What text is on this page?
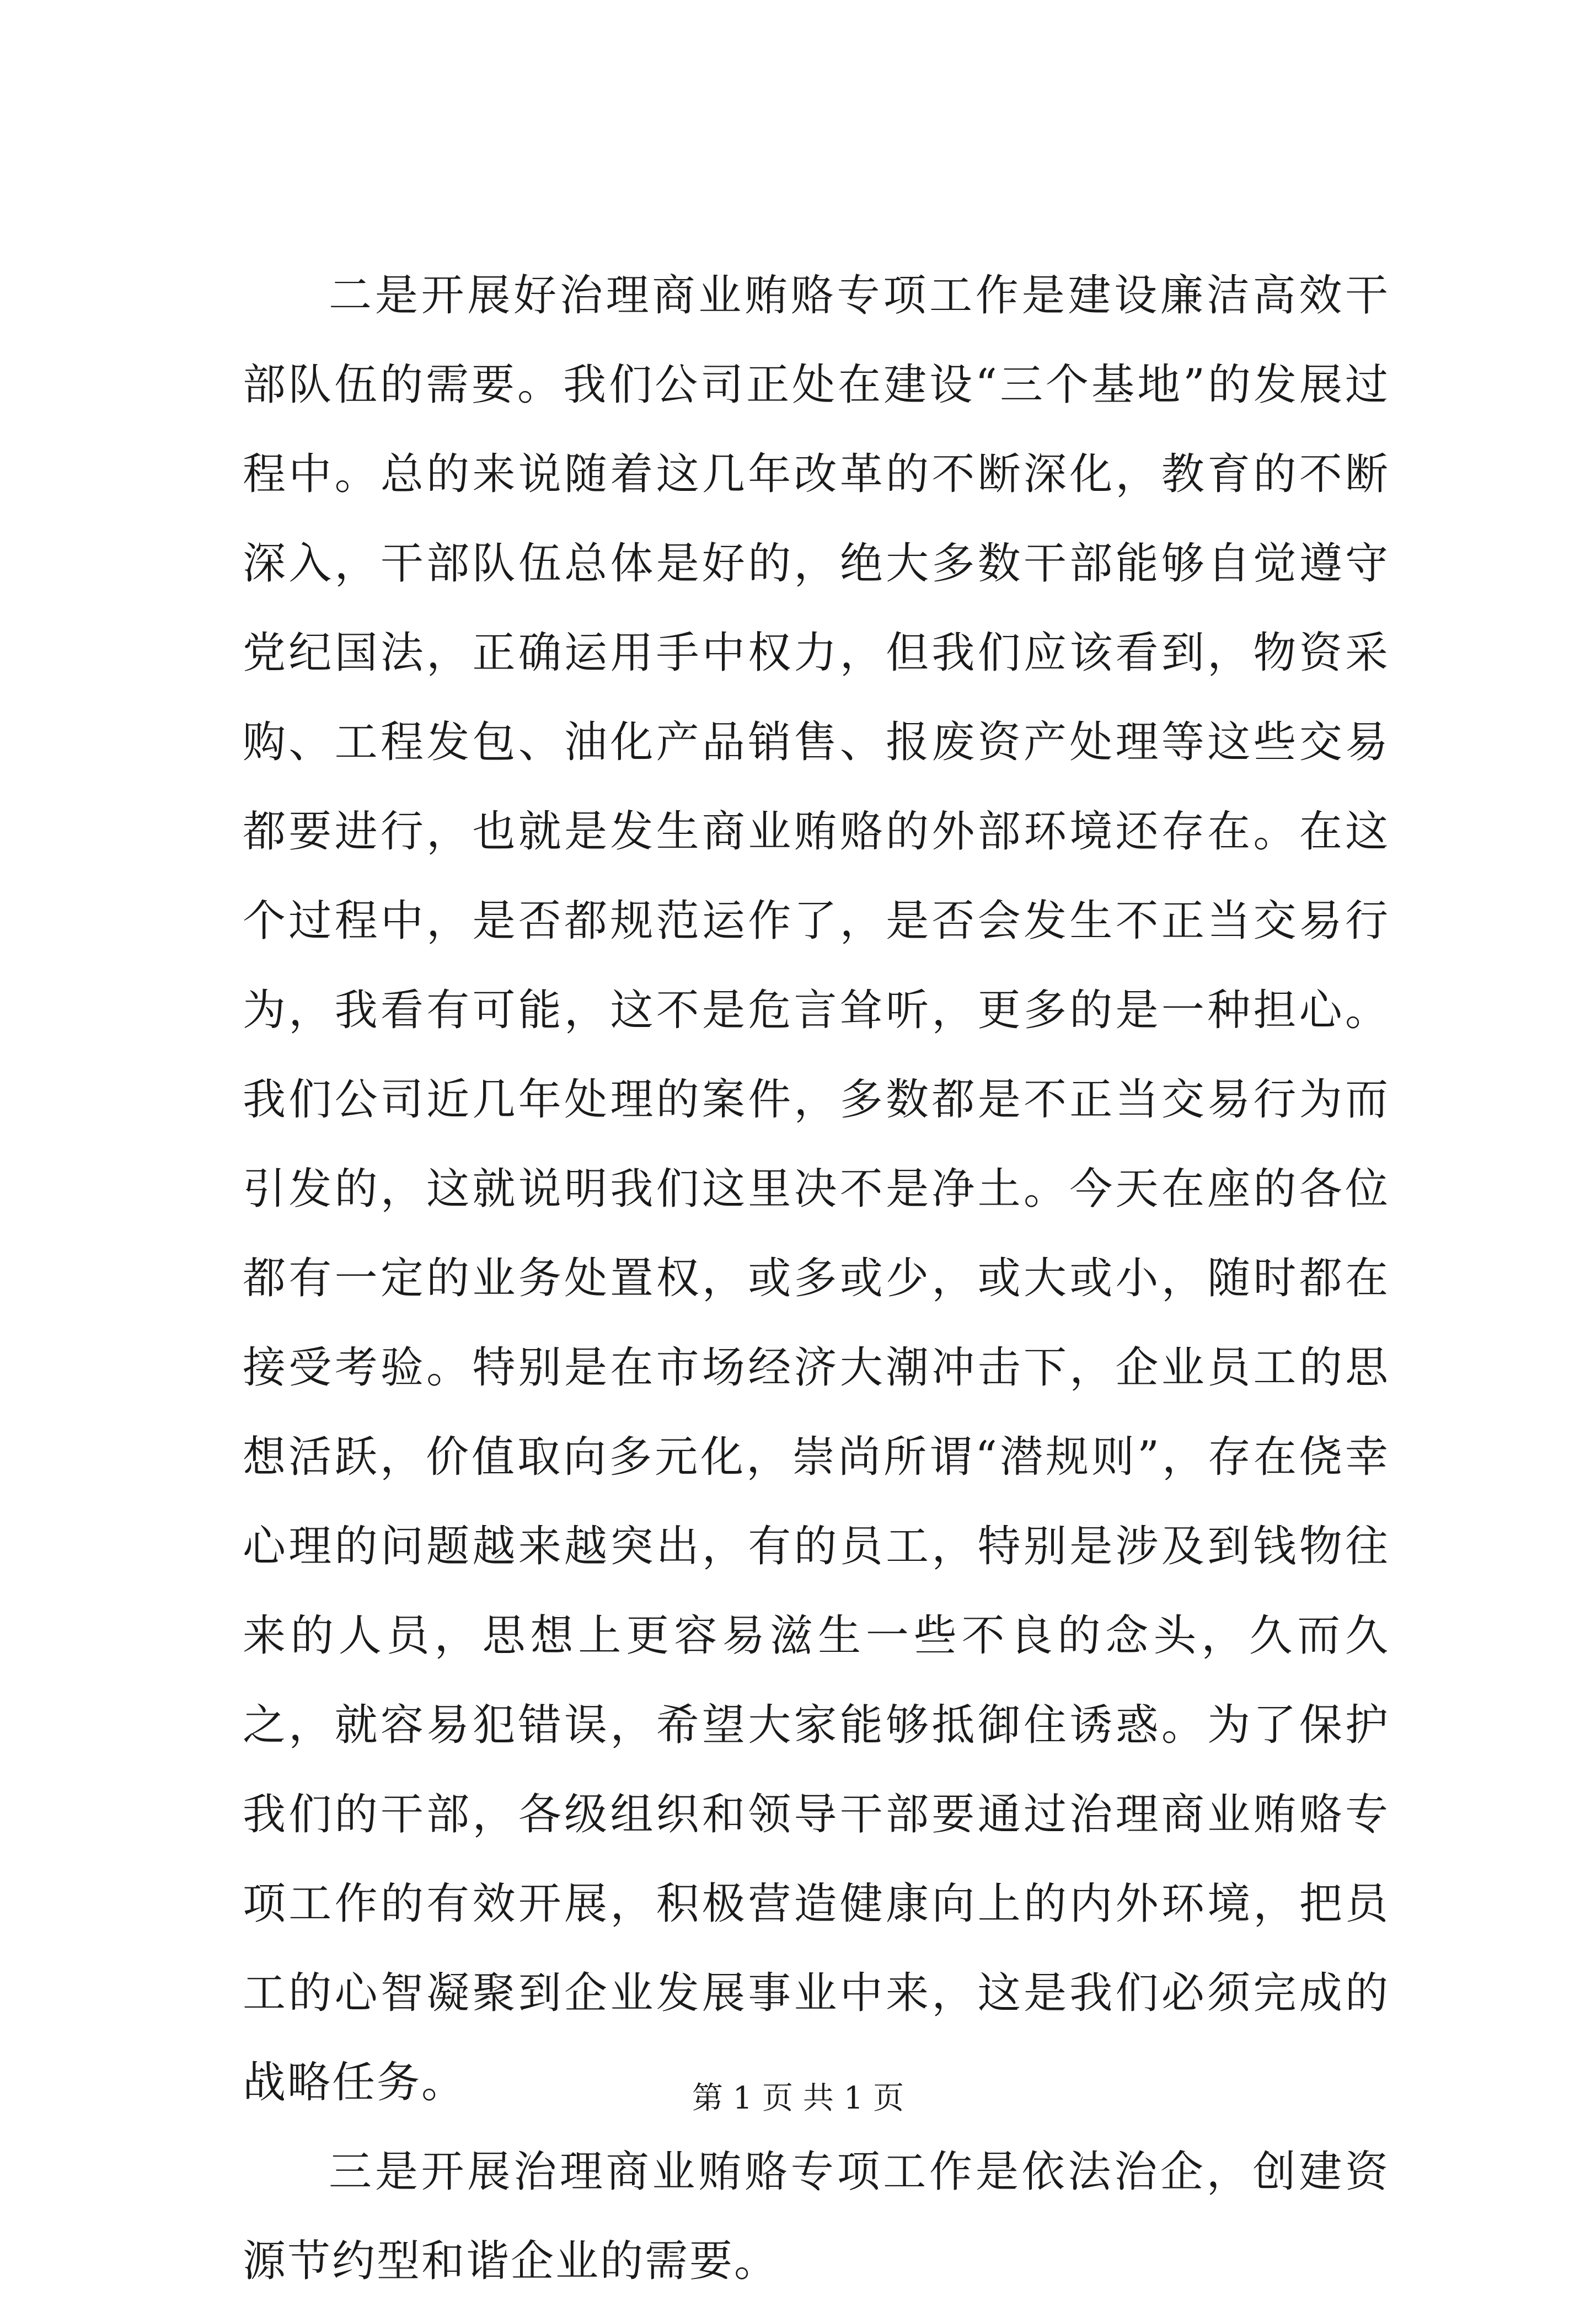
二是开展好治理商业贿赂专项工作是建设廉洁高效干部队伍的需要。我们公司正处在建设“三个基地”的发展过程中。总的来说随着这几年改革的不断深化，教育的不断深入，干部队伍总体是好的，绝大多数干部能够自觉遵守党纪国法，正确运用手中权力，但我们应该看到，物资采购、工程发包、油化产品销售、报废资产处理等这些交易都要进行，也就是发生商业贿赂的外部环境还存在。在这个过程中，是否都规范运作了，是否会发生不正当交易行为，我看有可能，这不是危言耸听，更多的是一种担心。我们公司近几年处理的案件，多数都是不正当交易行为而引发的，这就说明我们这里决不是净土。今天在座的各位都有一定的业务处置权，或多或少，或大或小，随时都在接受考验。特别是在市场经济大潮冲击下，企业员工的思想活跃，价值取向多元化，崇尚所谓“潜规则”，存在侥幸心理的问题越来越突出，有的员工，特别是涉及到钱物往来的人员，思想上更容易滋生一些不良的念头，久而久之，就容易犯错误，希望大家能够抵御住诱惑。为了保护我们的干部，各级组织和领导干部要通过治理商业贿赂专项工作的有效开展，积极营造健康向上的内外环境，把员工的心智凝聚到企业发展事业中来，这是我们必须完成的战略任务。

三是开展治理商业贿赂专项工作是依法治企，创建资源节约型和谐企业的需要。

第 1 页 共 1 页
